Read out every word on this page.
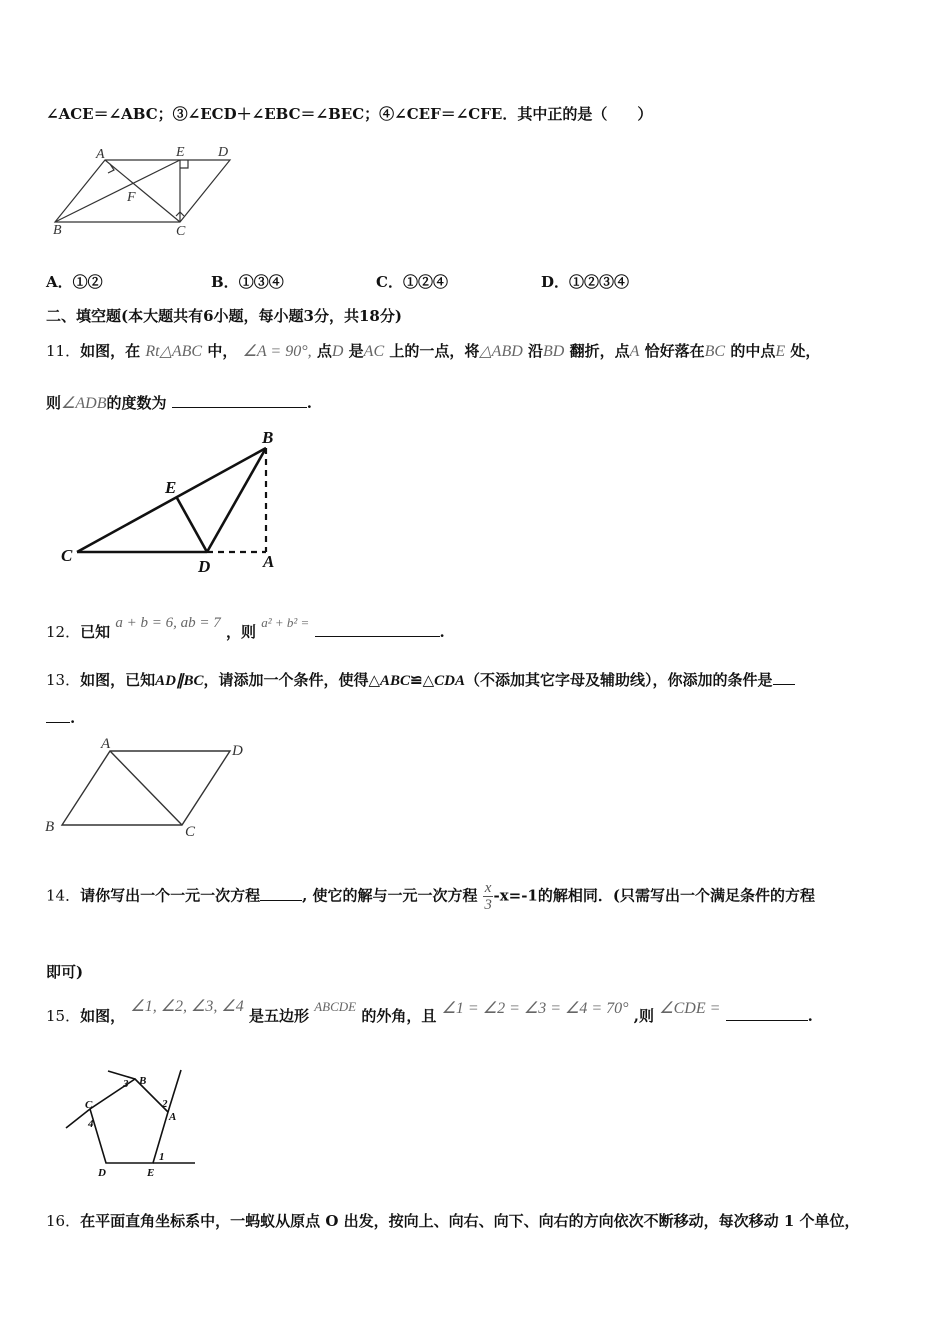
∠ACE＝∠ABC；③∠ECD＋∠EBC＝∠BEC；④∠CEF＝∠CFE．其中正的是（　　）
A	E D
F
B	C
A．①②	B．①③④	C．①②④	D．①②③④
二、填空题(本大题共有6小题，每小题3分，共18分)
11．如图，在 Rt△ABC 中， ∠A = 90°, 点D 是AC 上的一点，将△ABD 沿BD 翻折，点A 恰好落在BC 的中点E 处，
则∠ADB的度数为	.
B
E
C
D	A
12．已知 a + b = 6, ab = 7 ，则 a² + b² = .
13．如图，已知AD∥BC，请添加一个条件，使得△ABC≌△CDA（不添加其它字母及辅助线），你添加的条件是
.
A	D
B	C
14．请你写出一个一元一次方程	, 使它的解与一元一次方程 $\frac{x}{3} -x=-1$的解相同．(只需写出一个满足条件的方程
即可)
15．如图， ∠1, ∠2, ∠3, ∠4 是五边形 ABCDE 的外角，且 ∠1 = ∠2 = ∠3 = ∠4 = 70° ,则 ∠CDE =	.
3 B
C	2
A
4
D	E
1
16．在平面直角坐标系中，一蚂蚁从原点 O 出发，按向上、向右、向下、向右的方向依次不断移动，每次移动 1 个单位，
